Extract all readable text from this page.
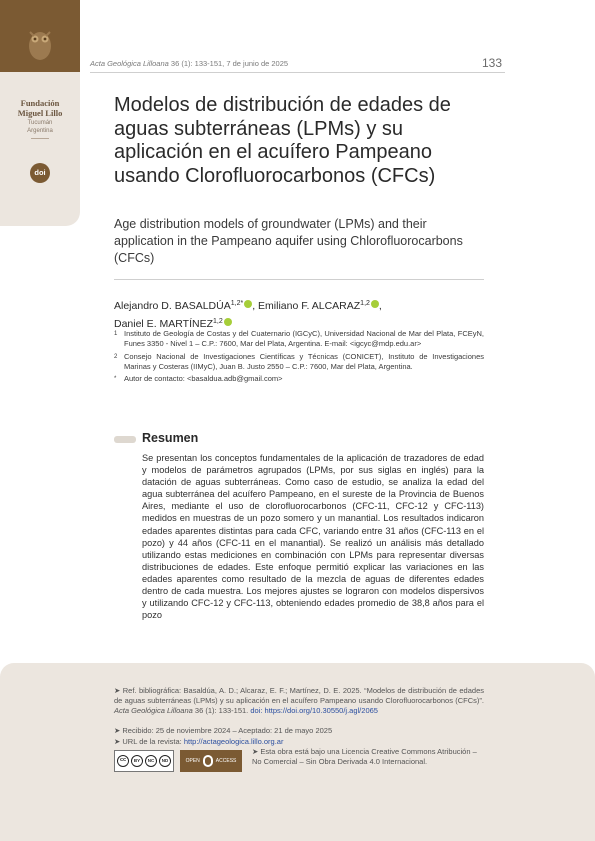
Fundación
Miguel Lillo
Tucumán
Argentina
doi
Acta Geológica Lilloana 36 (1): 133-151, 7 de junio de 2025	133
Modelos de distribución de edades de aguas subterráneas (LPMs) y su aplicación en el acuífero Pampeano usando Clorofluorocarbonos (CFCs)
Age distribution models of groundwater (LPMs) and their application in the Pampeano aquifer using Chlorofluorocarbons (CFCs)
Alejandro D. $BASALDÚA^{1,2*}$ , Emiliano F. ALCARAZ$^{1,2}$ ,
Daniel E. MARTÍNEZ$^{1,2}$
1 Instituto de Geología de Costas y del Cuaternario (IGCyC), Universidad Nacional de Mar del Plata, FCEyN, Funes 3350 - Nivel 1 – C.P.: 7600, Mar del Plata, Argentina. E-mail: <igcyc@mdp.edu.ar>
2 Consejo Nacional de Investigaciones Científicas y Técnicas (CONICET), Instituto de Investigaciones Marinas y Costeras (IIMyC), Juan B. Justo 2550 – C.P.: 7600, Mar del Plata, Argentina.
*	Autor de contacto: <basaldua.adb@gmail.com>
Resumen
Se presentan los conceptos fundamentales de la aplicación de trazadores de edad y modelos de parámetros agrupados (LPMs, por sus siglas en inglés) para la datación de aguas subterráneas. Como caso de estudio, se analiza la edad del agua subterránea del acuífero Pampeano, en el sureste de la Provincia de Buenos Aires, mediante el uso de clorofluorocarbonos (CFC-11, CFC-12 y CFC-113) medidos en muestras de un pozo somero y un manantial. Los resultados indicaron edades aparentes distintas para cada CFC, variando entre 31 años (CFC-113 en el pozo) y 44 años (CFC-11 en el manantial). Se realizó un análisis más detallado utilizando estas mediciones en combinación con LPMs para representar diversas distribuciones de edades. Este enfoque permitió explicar las variaciones en las edades aparentes como resultado de la mezcla de aguas de diferentes edades dentro de cada muestra. Los mejores ajustes se lograron con modelos dispersivos y utilizando CFC-12 y CFC-113, obteniendo edades promedio de 38,8 años para el pozo
➤ Ref. bibliográfica: Basaldúa, A. D.; Alcaraz, E. F.; Martínez, D. E. 2025. “Modelos de distribución de edades de aguas subterráneas (LPMs) y su aplicación en el acuífero Pampeano usando Clorofluorocarbonos (CFCs)”. Acta Geológica Lilloana 36 (1): 133-151. doi: https://doi.org/10.30550/j.agl/2065
➤ Recibido: 25 de noviembre 2024 – Aceptado: 21 de mayo 2025
➤ URL de la revista: http://actageologica.lillo.org.ar
cc	BY	NC	ND	OPEN	ACCESS
➤ Esta obra está bajo una Licencia Creative Commons Atribución – No Comercial – Sin Obra Derivada 4.0 Internacional.
